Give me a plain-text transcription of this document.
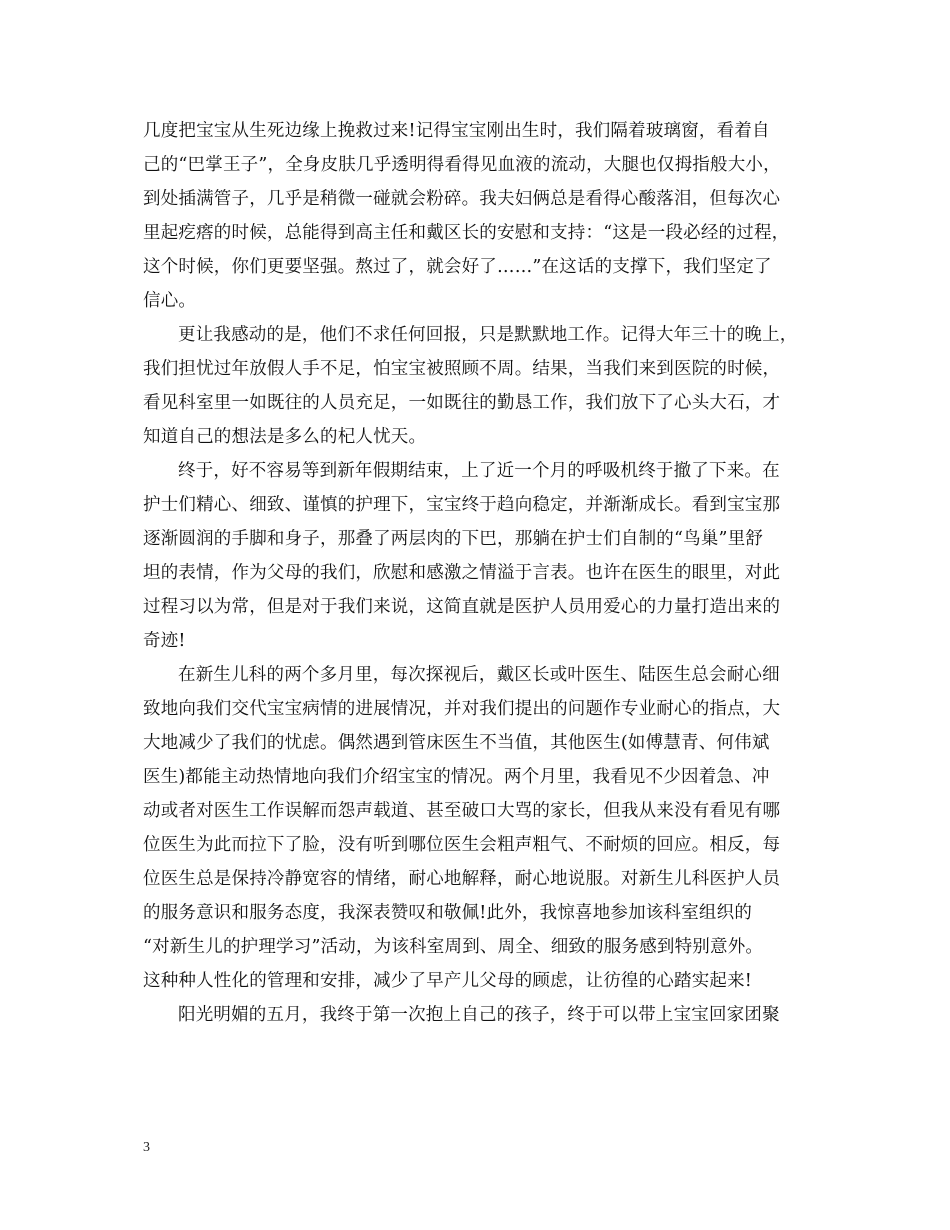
几度把宝宝从生死边缘上挽救过来!记得宝宝刚出生时，我们隔着玻璃窗，看着自
己的“巴掌王子”，全身皮肤几乎透明得看得见血液的流动，大腿也仅拇指般大小，
到处插满管子，几乎是稍微一碰就会粉碎。我夫妇俩总是看得心酸落泪，但每次心
里起疙瘩的时候，总能得到高主任和戴区长的安慰和支持：“这是一段必经的过程，
这个时候，你们更要坚强。熬过了，就会好了……”在这话的支撑下，我们坚定了
信心。

更让我感动的是，他们不求任何回报，只是默默地工作。记得大年三十的晚上，
我们担忧过年放假人手不足，怕宝宝被照顾不周。结果，当我们来到医院的时候，
看见科室里一如既往的人员充足，一如既往的勤恳工作，我们放下了心头大石，才
知道自己的想法是多么的杞人忧天。

终于，好不容易等到新年假期结束，上了近一个月的呼吸机终于撤了下来。在
护士们精心、细致、谨慎的护理下，宝宝终于趋向稳定，并渐渐成长。看到宝宝那
逐渐圆润的手脚和身子，那叠了两层肉的下巴，那躺在护士们自制的“鸟巢”里舒
坦的表情，作为父母的我们，欣慰和感激之情溢于言表。也许在医生的眼里，对此
过程习以为常，但是对于我们来说，这简直就是医护人员用爱心的力量打造出来的
奇迹!

在新生儿科的两个多月里，每次探视后，戴区长或叶医生、陆医生总会耐心细
致地向我们交代宝宝病情的进展情况，并对我们提出的问题作专业耐心的指点，大
大地减少了我们的忧虑。偶然遇到管床医生不当值，其他医生(如傅慧青、何伟斌
医生)都能主动热情地向我们介绍宝宝的情况。两个月里，我看见不少因着急、冲
动或者对医生工作误解而怨声载道、甚至破口大骂的家长，但我从来没有看见有哪
位医生为此而拉下了脸，没有听到哪位医生会粗声粗气、不耐烦的回应。相反，每
位医生总是保持冷静宽容的情绪，耐心地解释，耐心地说服。对新生儿科医护人员
的服务意识和服务态度，我深表赞叹和敬佩!此外，我惊喜地参加该科室组织的
“对新生儿的护理学习”活动，为该科室周到、周全、细致的服务感到特别意外。
这种种人性化的管理和安排，减少了早产儿父母的顾虑，让彷徨的心踏实起来!

阳光明媚的五月，我终于第一次抱上自己的孩子，终于可以带上宝宝回家团聚

3
